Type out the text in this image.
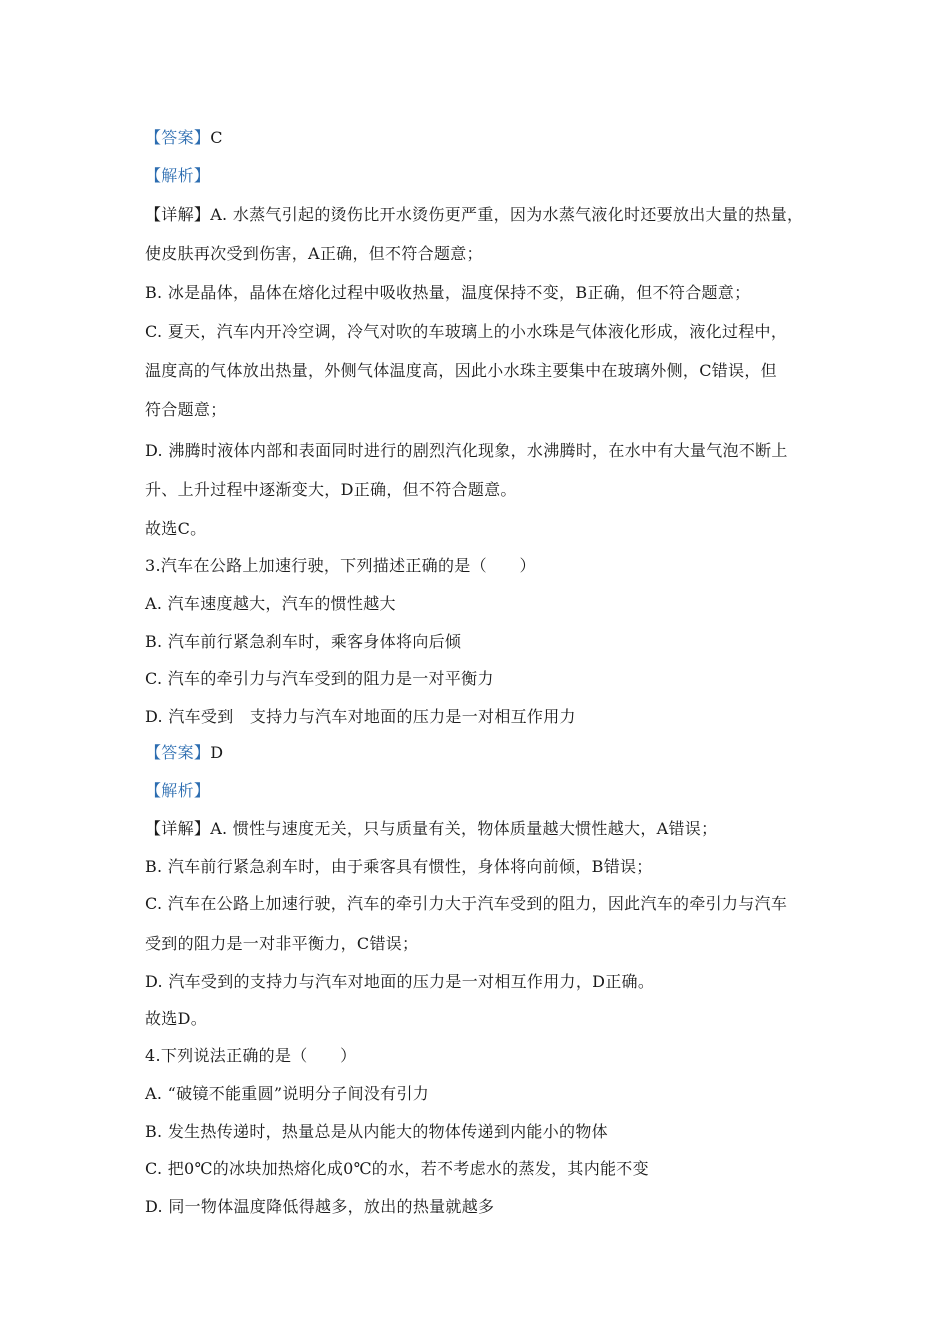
【答案】C
【解析】
【详解】A. 水蒸气引起的烫伤比开水烫伤更严重，因为水蒸气液化时还要放出大量的热量，
使皮肤再次受到伤害，A正确，但不符合题意；
B. 冰是晶体，晶体在熔化过程中吸收热量，温度保持不变，B正确，但不符合题意；
C. 夏天，汽车内开冷空调，冷气对吹的车玻璃上的小水珠是气体液化形成，液化过程中，
温度高的气体放出热量，外侧气体温度高，因此小水珠主要集中在玻璃外侧，C错误，但
符合题意；
D. 沸腾时液体内部和表面同时进行的剧烈汽化现象，水沸腾时，在水中有大量气泡不断上
升、上升过程中逐渐变大，D正确，但不符合题意。
故选C。
3.汽车在公路上加速行驶，下列描述正确的是（　　）
A. 汽车速度越大，汽车的惯性越大
B. 汽车前行紧急刹车时，乘客身体将向后倾
C. 汽车的牵引力与汽车受到的阻力是一对平衡力
D. 汽车受到　支持力与汽车对地面的压力是一对相互作用力
【答案】D
【解析】
【详解】A. 惯性与速度无关，只与质量有关，物体质量越大惯性越大，A错误；
B. 汽车前行紧急刹车时，由于乘客具有惯性，身体将向前倾，B错误；
C. 汽车在公路上加速行驶，汽车的牵引力大于汽车受到的阻力，因此汽车的牵引力与汽车
受到的阻力是一对非平衡力，C错误；
D. 汽车受到的支持力与汽车对地面的压力是一对相互作用力，D正确。
故选D。
4.下列说法正确的是（　　）
A. “破镜不能重圆”说明分子间没有引力
B. 发生热传递时，热量总是从内能大的物体传递到内能小的物体
C. 把0℃的冰块加热熔化成0℃的水，若不考虑水的蒸发，其内能不变
D. 同一物体温度降低得越多，放出的热量就越多
